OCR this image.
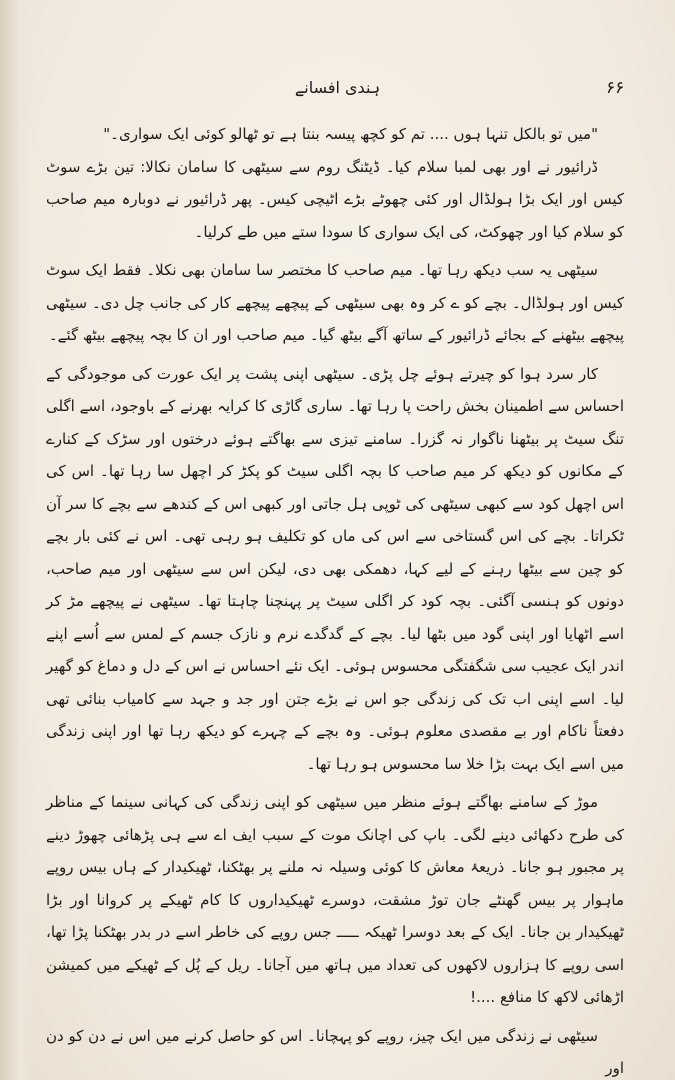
ہندی افسانے	۶۶

"میں تو بالکل تنہا ہوں .... تم کو کچھ پیسہ بنتا ہے تو ٹھالو کوئی ایک سواری۔"

ڈرائیور نے اور بھی لمبا سلام کیا۔ ڈیٹنگ روم سے سیٹھی کا سامان نکالا: تین بڑے سوٹ کیس اور ایک بڑا ہولڈال اور کئی چھوٹے بڑے اٹیچی کیس۔ پھر ڈرائیور نے دوبارہ میم صاحب کو سلام کیا اور چھوکٹ، کی ایک سواری کا سودا ستے میں طے کرلیا۔

سیٹھی یہ سب دیکھ رہا تھا۔ میم صاحب کا مختصر سا سامان بھی نکلا۔ فقط ایک سوٹ کیس اور ہولڈال۔ بچے کو ے کر وہ بھی سیٹھی کے پیچھے پیچھے کار کی جانب چل دی۔ سیٹھی پیچھے بیٹھنے کے بجائے ڈرائیور کے ساتھ آگے بیٹھ گیا۔ میم صاحب اور ان کا بچہ پیچھے بیٹھ گئے۔

کار سرد ہوا کو چیرتے ہوئے چل پڑی۔ سیٹھی اپنی پشت پر ایک عورت کی موجودگی کے احساس سے اطمینان بخش راحت پا رہا تھا۔ ساری گاڑی کا کرایہ بھرنے کے باوجود، اسے اگلی تنگ سیٹ پر بیٹھنا ناگوار نہ گزرا۔ سامنے تیزی سے بھاگتے ہوئے درختوں اور سڑک کے کنارے کے مکانوں کو دیکھ کر میم صاحب کا بچہ اگلی سیٹ کو پکڑ کر اچھل سا رہا تھا۔ اس کی اس اچھل کود سے کبھی سیٹھی کی ٹوپی ہل جاتی اور کبھی اس کے کندھے سے بچے کا سر آن ٹکراتا۔ بچے کی اس گستاخی سے اس کی ماں کو تکلیف ہو رہی تھی۔ اس نے کئی بار بچے کو چین سے بیٹھا رہنے کے لیے کہا، دھمکی بھی دی، لیکن اس سے سیٹھی اور میم صاحب، دونوں کو ہنسی آگئی۔ بچہ کود کر اگلی سیٹ پر پہنچنا چاہتا تھا۔ سیٹھی نے پیچھے مڑ کر اسے اٹھایا اور اپنی گود میں بٹھا لیا۔ بچے کے گدگدے نرم و نازک جسم کے لمس سے اُسے اپنے اندر ایک عجیب سی شگفتگی محسوس ہوئی۔ ایک نئے احساس نے اس کے دل و دماغ کو گھیر لیا۔ اسے اپنی اب تک کی زندگی جو اس نے بڑے جتن اور جد و جہد سے کامیاب بنائی تھی دفعتاً ناکام اور بے مقصدی معلوم ہوئی۔ وہ بچے کے چہرے کو دیکھ رہا تھا اور اپنی زندگی میں اسے ایک بہت بڑا خلا سا محسوس ہو رہا تھا۔

موڑ کے سامنے بھاگتے ہوئے منظر میں سیٹھی کو اپنی زندگی کی کہانی سینما کے مناظر کی طرح دکھائی دینے لگی۔ باپ کی اچانک موت کے سبب ایف اے سے ہی پڑھائی چھوڑ دینے پر مجبور ہو جانا۔ ذریعۂ معاش کا کوئی وسیلہ نہ ملنے پر بھٹکنا، ٹھیکیدار کے ہاں بیس روپے ماہوار پر بیس گھنٹے جان توڑ مشقت، دوسرے ٹھیکیداروں کا کام ٹھیکے پر کروانا اور بڑا ٹھیکیدار بن جانا۔ ایک کے بعد دوسرا ٹھیکہ ـــــ جس روپے کی خاطر اسے در بدر بھٹکنا پڑا تھا، اسی روپے کا ہزاروں لاکھوں کی تعداد میں ہاتھ میں آجانا۔ ریل کے پُل کے ٹھیکے میں کمیشن اڑھائی لاکھ کا منافع ....!

سیٹھی نے زندگی میں ایک چیز، روپے کو پہچانا۔ اس کو حاصل کرنے میں اس نے دن کو دن اور
